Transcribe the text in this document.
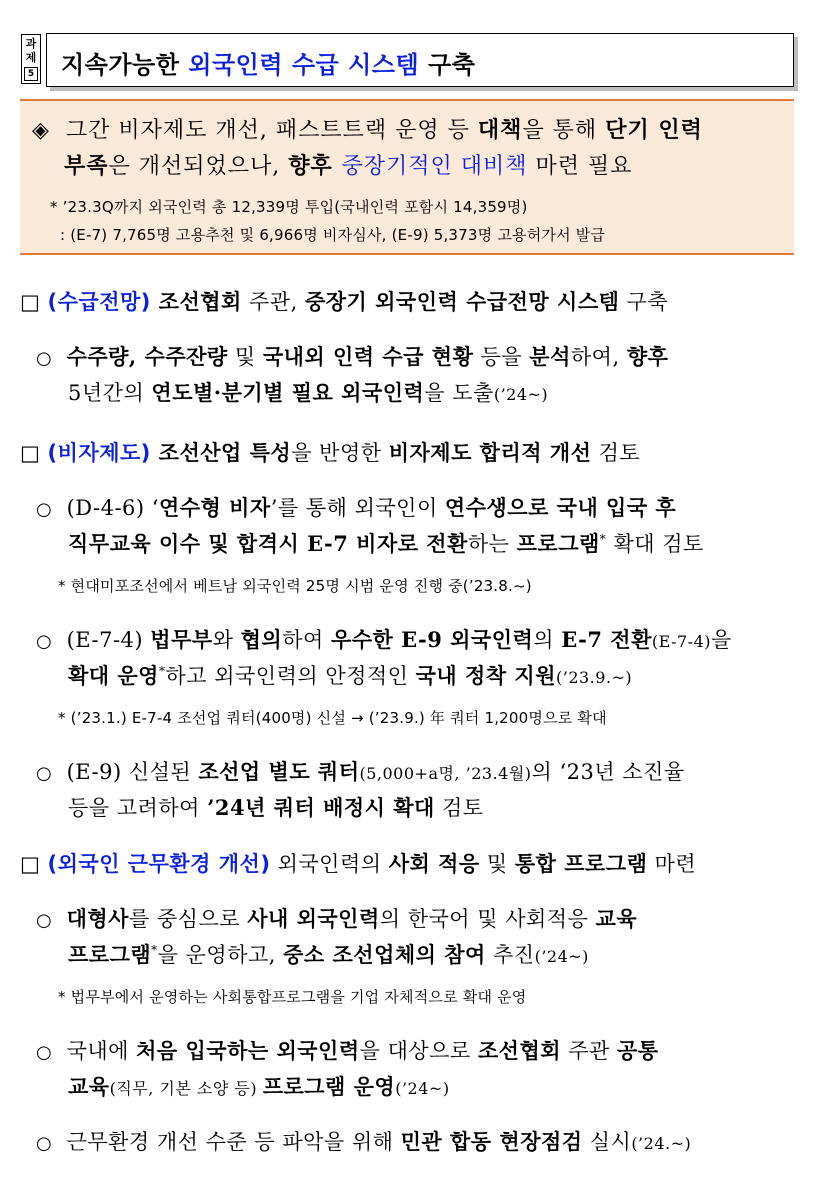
과제
5 지속가능한 외국인력 수급 시스템 구축
◈ 그간 비자제도 개선, 패스트트랙 운영 등 대책을 통해 단기 인력
부족은 개선되었으나, 향후 중장기적인 대비책 마련 필요
* ’23.3Q까지 외국인력 총 12,339명 투입(국내인력 포함시 14,359명)
: (E-7) 7,765명 고용추천 및 6,966명 비자심사, (E-9) 5,373명 고용허가서 발급
□ (수급전망) 조선협회 주관, 중장기 외국인력 수급전망 시스템 구축
○ 수주량, 수주잔량 및 국내외 인력 수급 현황 등을 분석하여, 향후
5년간의 연도별·분기별 필요 외국인력을 도출(’24~)
□ (비자제도) 조선산업 특성을 반영한 비자제도 합리적 개선 검토
○ (D-4-6) ‘연수형 비자’를 통해 외국인이 연수생으로 국내 입국 후
직무교육 이수 및 합격시 E-7 비자로 전환하는 프로그램* 확대 검토
* 현대미포조선에서 베트남 외국인력 25명 시범 운영 진행 중(’23.8.~)
○ (E-7-4) 법무부와 협의하여 우수한 E-9 외국인력의 E-7 전환(E-7-4)을
확대 운영*하고 외국인력의 안정적인 국내 정착 지원(’23.9.~)
* (’23.1.) E-7-4 조선업 쿼터(400명) 신설 → (’23.9.) 年 쿼터 1,200명으로 확대
○ (E-9) 신설된 조선업 별도 쿼터(5,000+a명, ’23.4월)의 ‘23년 소진율
등을 고려하여 ’24년 쿼터 배정시 확대 검토
□ (외국인 근무환경 개선) 외국인력의 사회 적응 및 통합 프로그램 마련
○ 대형사를 중심으로 사내 외국인력의 한국어 및 사회적응 교육
프로그램*을 운영하고, 중소 조선업체의 참여 추진(’24~)
* 법무부에서 운영하는 사회통합프로그램을 기업 자체적으로 확대 운영
○ 국내에 처음 입국하는 외국인력을 대상으로 조선협회 주관 공통
교육(직무, 기본 소양 등) 프로그램 운영(’24~)
○ 근무환경 개선 수준 등 파악을 위해 민관 합동 현장점검 실시(’24.~)
